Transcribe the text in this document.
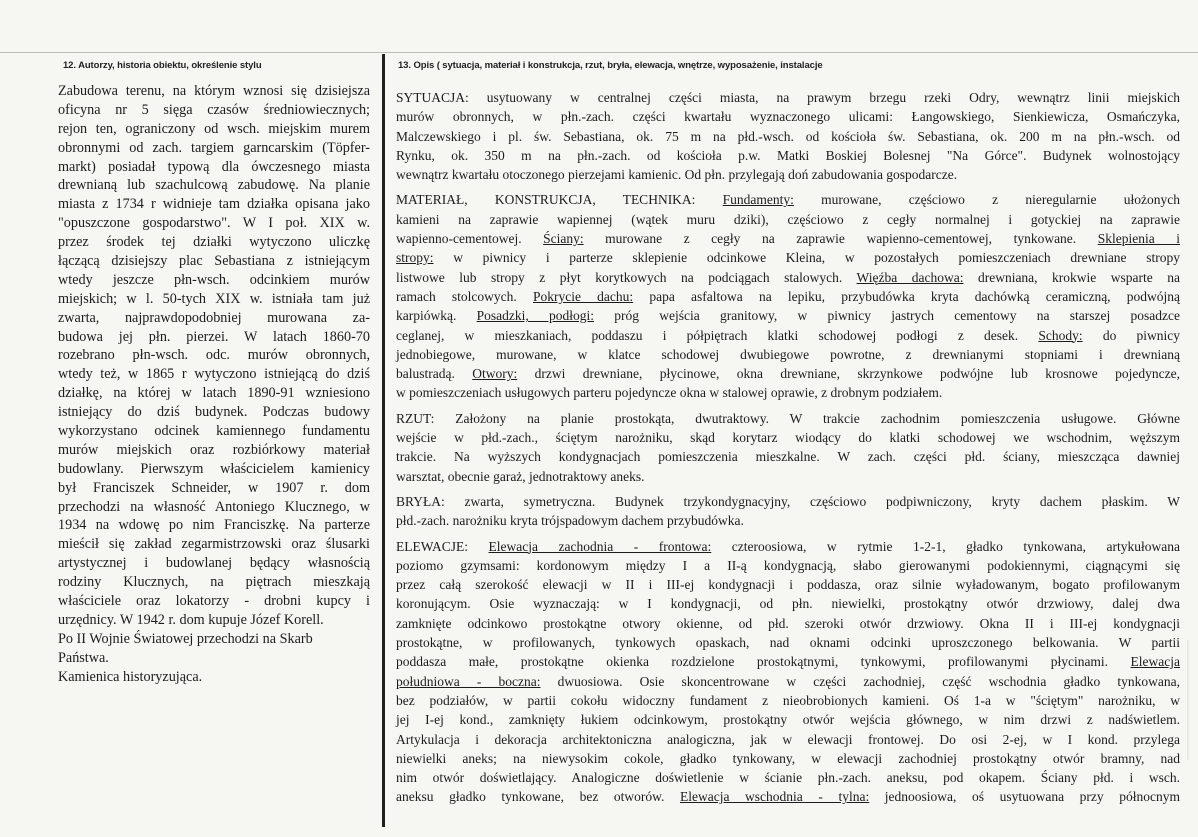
12. Autorzy, historia obiektu, określenie stylu	13. Opis ( sytuacja, materiał i konstrukcja, rzut, bryła, elewacja, wnętrze, wyposażenie, instalacje
Zabudowa terenu, na którym wznosi się dzisiejsza
oficyna nr 5 sięga czasów średniowiecznych;
rejon ten, ograniczony od wsch. miejskim murem
obronnymi od zach. targiem garncarskim (Töpfer-
markt) posiadał typową dla ówczesnego miasta
drewnianą lub szachulcową zabudowę. Na planie
miasta z 1734 r widnieje tam działka opisana jako
"opuszczone gospodarstwo". W I poł. XIX w.
przez środek tej działki wytyczono uliczkę
łączącą dzisiejszy plac Sebastiana z istniejącym
wtedy jeszcze płn-wsch. odcinkiem murów
miejskich; w l. 50-tych XIX w. istniała tam już
zwarta, najprawdopodobniej murowana za-
budowa jej płn. pierzei. W latach 1860-70
rozebrano płn-wsch. odc. murów obronnych,
wtedy też, w 1865 r wytyczono istniejącą do dziś
działkę, na której w latach 1890-91 wzniesiono
istniejący do dziś budynek. Podczas budowy
wykorzystano odcinek kamiennego fundamentu
murów miejskich oraz rozbiórkowy materiał
budowlany. Pierwszym właścicielem kamienicy
był Franciszek Schneider, w 1907 r. dom
przechodzi na własność Antoniego Klucznego, w
1934 na wdowę po nim Franciszkę. Na parterze
mieścił się zakład zegarmistrzowski oraz ślusarki
artystycznej i budowlanej będący własnością
rodziny Klucznych, na piętrach mieszkają
właściciele oraz lokatorzy - drobni kupcy i
urzędnicy. W 1942 r. dom kupuje Józef Korell.
Po II Wojnie Światowej przechodzi na Skarb
Państwa.
Kamienica historyzująca.
SYTUACJA: usytuowany w centralnej części miasta, na prawym brzegu rzeki Odry, wewnątrz linii miejskich
murów obronnych, w płn.-zach. części kwartału wyznaczonego ulicami: Łangowskiego, Sienkiewicza, Osmańczyka,
Malczewskiego i pl. św. Sebastiana, ok. 75 m na płd.-wsch. od kościoła św. Sebastiana, ok. 200 m na płn.-wsch. od
Rynku, ok. 350 m na płn.-zach. od kościoła p.w. Matki Boskiej Bolesnej "Na Górce". Budynek wolnostojący
wewnątrz kwartału otoczonego pierzejami kamienic. Od płn. przylegają doń zabudowania gospodarcze.
MATERIAŁ, KONSTRUKCJA, TECHNIKA: Fundamenty: murowane, częściowo z nieregularnie ułożonych
kamieni na zaprawie wapiennej (wątek muru dziki), częściowo z cegły normalnej i gotyckiej na zaprawie
wapienno-cementowej. Ściany: murowane z cegły na zaprawie wapienno-cementowej, tynkowane. Sklepienia i
stropy: w piwnicy i parterze sklepienie odcinkowe Kleina, w pozostałych pomieszczeniach drewniane stropy
listwowe lub stropy z płyt korytkowych na podciągach stalowych. Więźba dachowa: drewniana, krokwie wsparte na
ramach stolcowych. Pokrycie dachu: papa asfaltowa na lepiku, przybudówka kryta dachówką ceramiczną, podwójną
karpiówką. Posadzki, podłogi: próg wejścia granitowy, w piwnicy jastrych cementowy na starszej posadzce
ceglanej, w mieszkaniach, poddaszu i półpiętrach klatki schodowej podłogi z desek. Schody: do piwnicy
jednobiegowe, murowane, w klatce schodowej dwubiegowe powrotne, z drewnianymi stopniami i drewnianą
balustradą. Otwory: drzwi drewniane, płycinowe, okna drewniane, skrzynkowe podwójne lub krosnowe pojedyncze,
w pomieszczeniach usługowych parteru pojedyncze okna w stalowej oprawie, z drobnym podziałem.
RZUT: Założony na planie prostokąta, dwutraktowy. W trakcie zachodnim pomieszczenia usługowe. Główne
wejście w płd.-zach., ściętym narożniku, skąd korytarz wiodący do klatki schodowej we wschodnim, węższym
trakcie. Na wyższych kondygnacjach pomieszczenia mieszkalne. W zach. części płd. ściany, mieszcząca dawniej
warsztat, obecnie garaż, jednotraktowy aneks.
BRYŁA: zwarta, symetryczna. Budynek trzykondygnacyjny, częściowo podpiwniczony, kryty dachem płaskim. W
płd.-zach. narożniku kryta trójspadowym dachem przybudówka.
ELEWACJE: Elewacja zachodnia - frontowa: czteroosiowa, w rytmie 1-2-1, gładko tynkowana, artykułowana
poziomo gzymsami: kordonowym między I a II-ą kondygnacją, słabo gierowanymi podokiennymi, ciągnącymi się
przez całą szerokość elewacji w II i III-ej kondygnacji i poddasza, oraz silnie wyładowanym, bogato profilowanym
koronującym. Osie wyznaczają: w I kondygnacji, od płn. niewielki, prostokątny otwór drzwiowy, dalej dwa
zamknięte odcinkowo prostokątne otwory okienne, od płd. szeroki otwór drzwiowy. Okna II i III-ej kondygnacji
prostokątne, w profilowanych, tynkowych opaskach, nad oknami odcinki uproszczonego belkowania. W partii
poddasza małe, prostokątne okienka rozdzielone prostokątnymi, tynkowymi, profilowanymi płycinami. Elewacja
południowa - boczna: dwuosiowa. Osie skoncentrowane w części zachodniej, część wschodnia gładko tynkowana,
bez podziałów, w partii cokołu widoczny fundament z nieobrobionych kamieni. Oś 1-a w "ściętym" narożniku, w
jej I-ej kond., zamknięty łukiem odcinkowym, prostokątny otwór wejścia głównego, w nim drzwi z nadświetlem.
Artykulacja i dekoracja architektoniczna analogiczna, jak w elewacji frontowej. Do osi 2-ej, w I kond. przylega
niewielki aneks; na niewysokim cokole, gładko tynkowany, w elewacji zachodniej prostokątny otwór bramny, nad
nim otwór doświetlający. Analogiczne doświetlenie w ścianie płn.-zach. aneksu, pod okapem. Ściany płd. i wsch.
aneksu gładko tynkowane, bez otworów. Elewacja wschodnia - tylna: jednoosiowa, oś usytuowana przy północnym
